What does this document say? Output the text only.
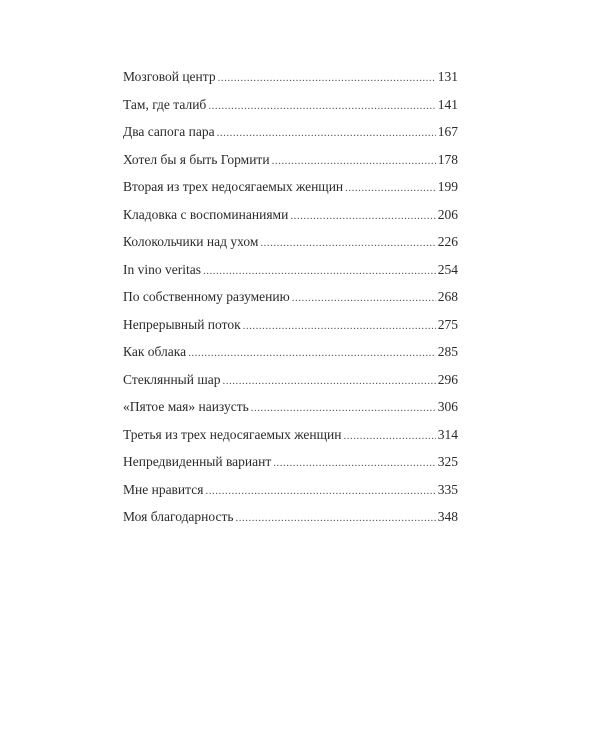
Мозговой центр .....	131
Там, где талиб .....	141
Два сапога пара .....	167
Хотел бы я быть Гормити .....	178
Вторая из трех недосягаемых женщин .....	199
Кладовка с воспоминаниями .....	206
Колокольчики над ухом .....	226
In vino veritas .....	254
По собственному разумению .....	268
Непрерывный поток .....	275
Как облака .....	285
Стеклянный шар .....	296
«Пятое мая» наизусть .....	306
Третья из трех недосягаемых женщин .....	314
Непредвиденный вариант .....	325
Мне нравится .....	335
Моя благодарность .....	348
